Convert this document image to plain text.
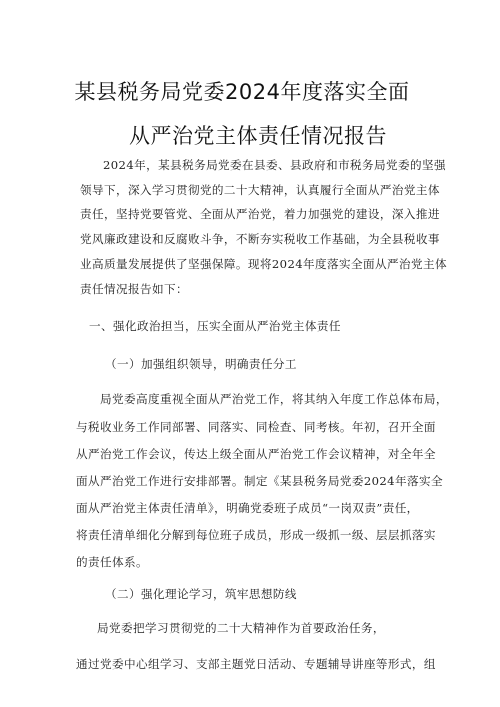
某县税务局党委2024年度落实全面
从严治党主体责任情况报告
2024年，某县税务局党委在县委、县政府和市税务局党委的坚强
领导下，深入学习贯彻党的二十大精神，认真履行全面从严治党主体
责任，坚持党要管党、全面从严治党，着力加强党的建设，深入推进
党风廉政建设和反腐败斗争，不断夯实税收工作基础，为全县税收事
业高质量发展提供了坚强保障。现将2024年度落实全面从严治党主体
责任情况报告如下：
一、强化政治担当，压实全面从严治党主体责任
（一）加强组织领导，明确责任分工
局党委高度重视全面从严治党工作，将其纳入年度工作总体布局，
与税收业务工作同部署、同落实、同检查、同考核。年初，召开全面
从严治党工作会议，传达上级全面从严治党工作会议精神，对全年全
面从严治党工作进行安排部署。制定《某县税务局党委2024年落实全
面从严治党主体责任清单》，明确党委班子成员“一岗双责”责任，
将责任清单细化分解到每位班子成员，形成一级抓一级、层层抓落实
的责任体系。
（二）强化理论学习，筑牢思想防线
局党委把学习贯彻党的二十大精神作为首要政治任务，
通过党委中心组学习、支部主题党日活动、专题辅导讲座等形式，组
